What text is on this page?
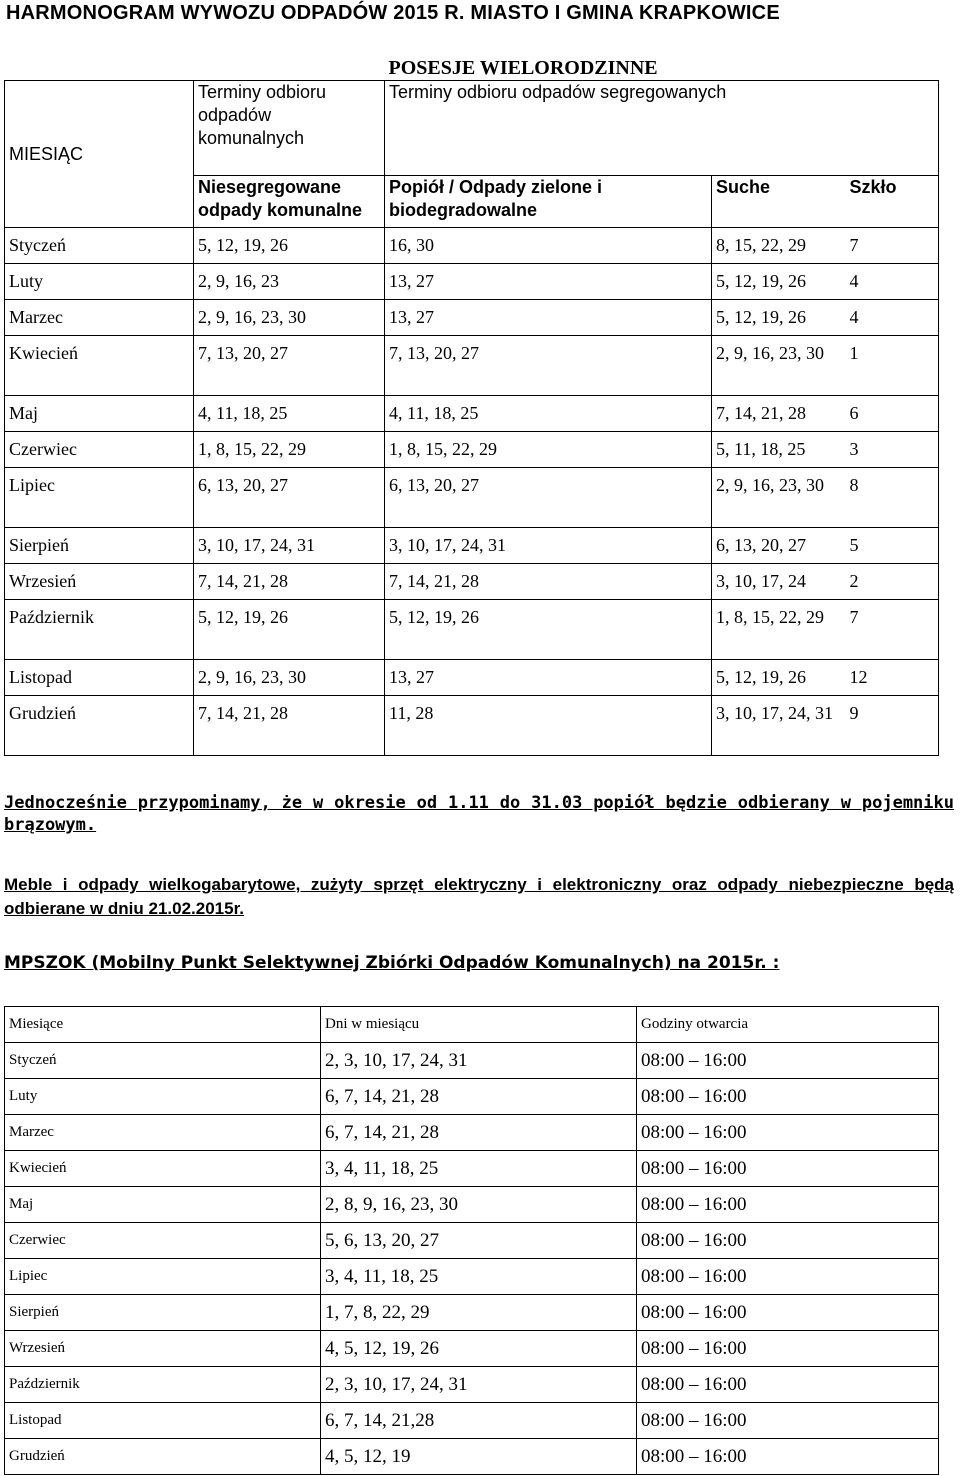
HARMONOGRAM WYWOZU ODPADÓW 2015 R. MIASTO I GMINA KRAPKOWICE
		POSESJE WIELORODZINNE		
MIESIĄC	Terminy odbioru odpadów komunalnych	Terminy odbioru odpadów segregowanych		
	Niesegregowane odpady komunalne	Popiół / Odpady zielone i biodegradowalne	Suche	Szkło
Styczeń	5, 12, 19, 26	16, 30	8, 15, 22, 29	7
Luty	2, 9, 16, 23	13, 27	5, 12, 19, 26	4
Marzec	2, 9, 16, 23, 30	13, 27	5, 12, 19, 26	4
Kwiecień	7, 13, 20, 27	7, 13, 20, 27	2, 9, 16, 23, 30	1
Maj	4, 11, 18, 25	4, 11, 18, 25	7, 14, 21, 28	6
Czerwiec	1, 8, 15, 22, 29	1, 8, 15, 22, 29	5, 11, 18, 25	3
Lipiec	6, 13, 20, 27	6, 13, 20, 27	2, 9, 16, 23, 30	8
Sierpień	3, 10, 17, 24, 31	3, 10, 17, 24, 31	6, 13, 20, 27	5
Wrzesień	7, 14, 21, 28	7, 14, 21, 28	3, 10, 17, 24	2
Październik	5, 12, 19, 26	5, 12, 19, 26	1, 8, 15, 22, 29	7
Listopad	2, 9, 16, 23, 30	13, 27	5, 12, 19, 26	12
Grudzień	7, 14, 21, 28	11, 28	3, 10, 17, 24, 31	9
Jednocześnie przypominamy, że w okresie od 1.11 do 31.03 popiół będzie odbierany w pojemniku brązowym.
Meble i odpady wielkogabarytowe, zużyty sprzęt elektryczny i elektroniczny oraz odpady niebezpieczne będą odbierane w dniu 21.02.2015r.
MPSZOK (Mobilny Punkt Selektywnej Zbiórki Odpadów Komunalnych) na 2015r. :
Miesiące	Dni w miesiącu	Godziny otwarcia
Styczeń	2, 3, 10, 17, 24, 31	08:00 – 16:00
Luty	6, 7, 14, 21, 28	08:00 – 16:00
Marzec	6, 7, 14, 21, 28	08:00 – 16:00
Kwiecień	3, 4, 11, 18, 25	08:00 – 16:00
Maj	2, 8, 9, 16, 23, 30	08:00 – 16:00
Czerwiec	5, 6, 13, 20, 27	08:00 – 16:00
Lipiec	3, 4, 11, 18, 25	08:00 – 16:00
Sierpień	1, 7, 8, 22, 29	08:00 – 16:00
Wrzesień	4, 5, 12, 19, 26	08:00 – 16:00
Październik	2, 3, 10, 17, 24, 31	08:00 – 16:00
Listopad	6, 7, 14, 21,28	08:00 – 16:00
Grudzień	4, 5, 12, 19	08:00 – 16:00
